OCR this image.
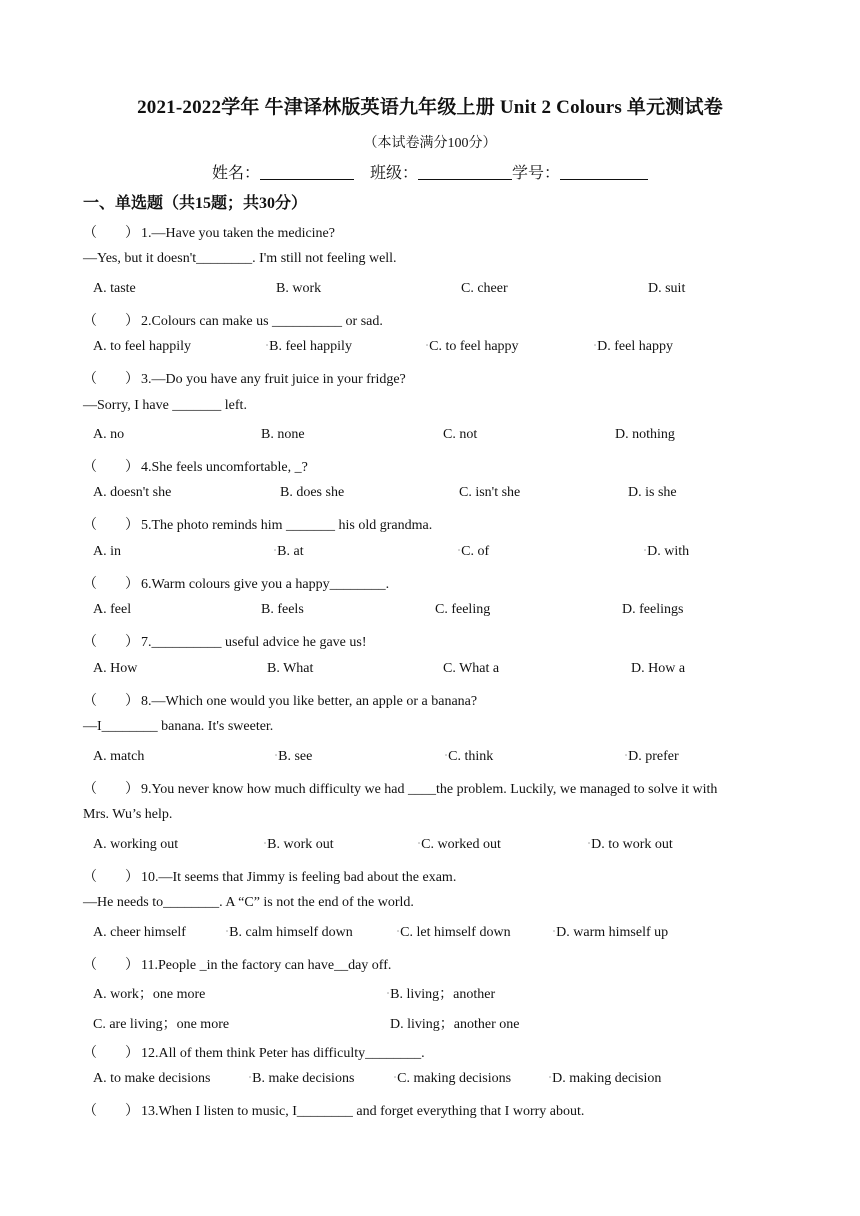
2021-2022学年 牛津译林版英语九年级上册 Unit 2 Colours 单元测试卷
（本试卷满分100分）
姓名：	班级：	学号：
一、单选题（共15题；共30分）
（　　） 1.—Have you taken the medicine?
—Yes, but it doesn't________. I'm still not feeling well.
A. taste	B. work	C. cheer	D. suit
（　　） 2.Colours can make us __________ or sad.
A. to feel happily	▫B. feel happily	▫C. to feel happy	▫D. feel happy
（　　） 3.—Do you have any fruit juice in your fridge?
—Sorry, I have _______ left.
A. no	B. none	C. not	D. nothing
（　　） 4.She feels uncomfortable, _?
A. doesn't she	B. does she	C. isn't she	D. is she
（　　） 5.The photo reminds him _______ his old grandma.
A. in	▫B. at	▫C. of	▫D. with
（　　） 6.Warm colours give you a happy________.
A. feel	B. feels	C. feeling	D. feelings
（　　） 7.__________ useful advice he gave us!
A. How	B. What	C. What a	D. How a
（　　） 8.—Which one would you like better, an apple or a banana?
—I________ banana. It's sweeter.
A. match	▫B. see	▫C. think	▫D. prefer
（　　） 9.You never know how much difficulty we had ____the problem. Luckily, we managed to solve it with
Mrs. Wu’s help.
A. working out	▫B. work out	▫C. worked out	▫D. to work out
（　　） 10.—It seems that Jimmy is feeling bad about the exam.
—He needs to________. A “C” is not the end of the world.
A. cheer himself	▫B. calm himself down	▫C. let himself down	▫D. warm himself up
（　　） 11.People _in the factory can have__day off.
A. work；one more	▫B. living；another
C. are living；one more	D. living；another one
（　　） 12.All of them think Peter has difficulty________.
A. to make decisions	▫B. make decisions	▫C. making decisions	▫D. making decision
（　　） 13.When I listen to music, I________ and forget everything that I worry about.
